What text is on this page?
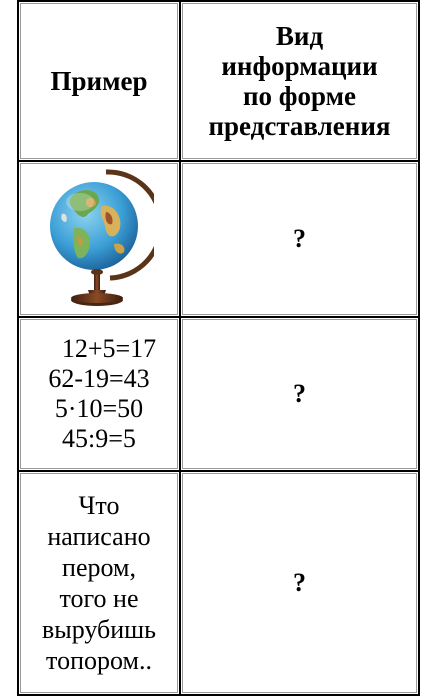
Пример
Вид
информации
по форме
представления
?
12+5=17
62-19=43
5·10=50
45:9=5
?
Что
написано
пером,
того не
вырубишь
топором..
?
